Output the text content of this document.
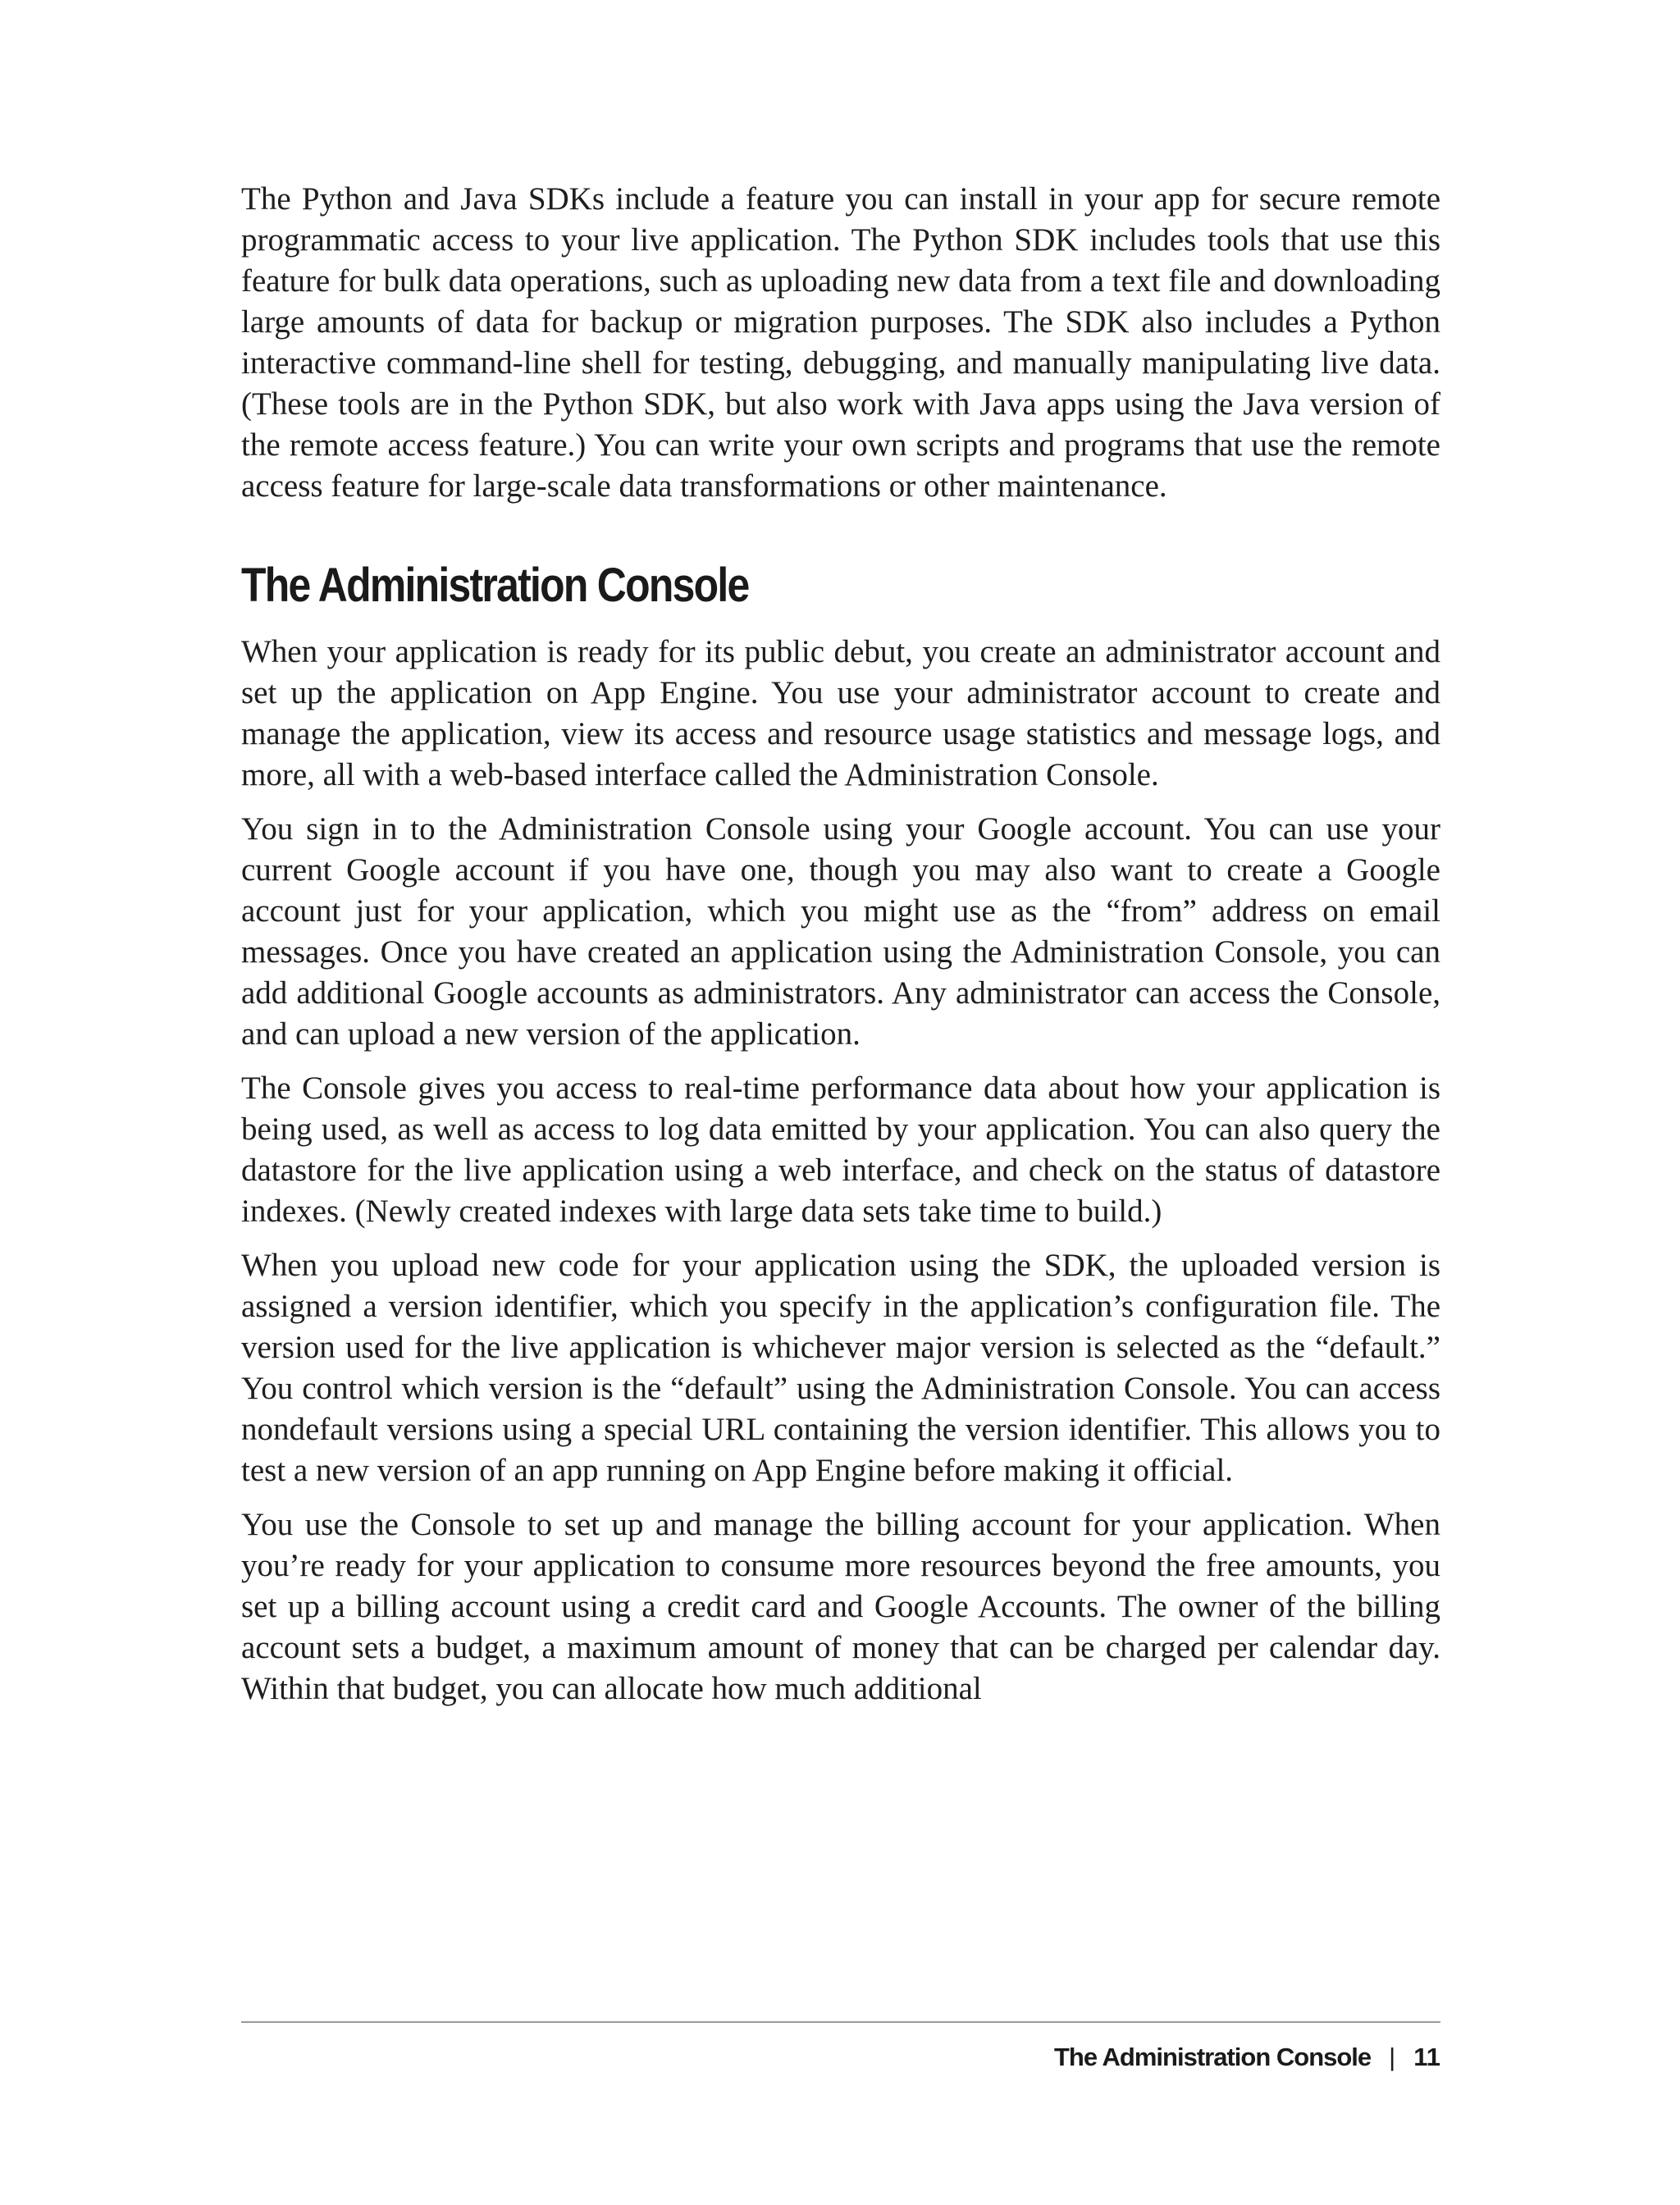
The Python and Java SDKs include a feature you can install in your app for secure remote programmatic access to your live application. The Python SDK includes tools that use this feature for bulk data operations, such as uploading new data from a text file and downloading large amounts of data for backup or migration purposes. The SDK also includes a Python interactive command-line shell for testing, debugging, and manually manipulating live data. (These tools are in the Python SDK, but also work with Java apps using the Java version of the remote access feature.) You can write your own scripts and programs that use the remote access feature for large-scale data transformations or other maintenance.

The Administration Console

When your application is ready for its public debut, you create an administrator account and set up the application on App Engine. You use your administrator account to create and manage the application, view its access and resource usage statistics and message logs, and more, all with a web-based interface called the Administration Console.

You sign in to the Administration Console using your Google account. You can use your current Google account if you have one, though you may also want to create a Google account just for your application, which you might use as the “from” address on email messages. Once you have created an application using the Administration Console, you can add additional Google accounts as administrators. Any administrator can access the Console, and can upload a new version of the application.

The Console gives you access to real-time performance data about how your application is being used, as well as access to log data emitted by your application. You can also query the datastore for the live application using a web interface, and check on the status of datastore indexes. (Newly created indexes with large data sets take time to build.)

When you upload new code for your application using the SDK, the uploaded version is assigned a version identifier, which you specify in the application’s configuration file. The version used for the live application is whichever major version is selected as the “default.” You control which version is the “default” using the Administration Console. You can access nondefault versions using a special URL containing the version identifier. This allows you to test a new version of an app running on App Engine before making it official.

You use the Console to set up and manage the billing account for your application. When you’re ready for your application to consume more resources beyond the free amounts, you set up a billing account using a credit card and Google Accounts. The owner of the billing account sets a budget, a maximum amount of money that can be charged per calendar day. Within that budget, you can allocate how much additional

The Administration Console | 11
